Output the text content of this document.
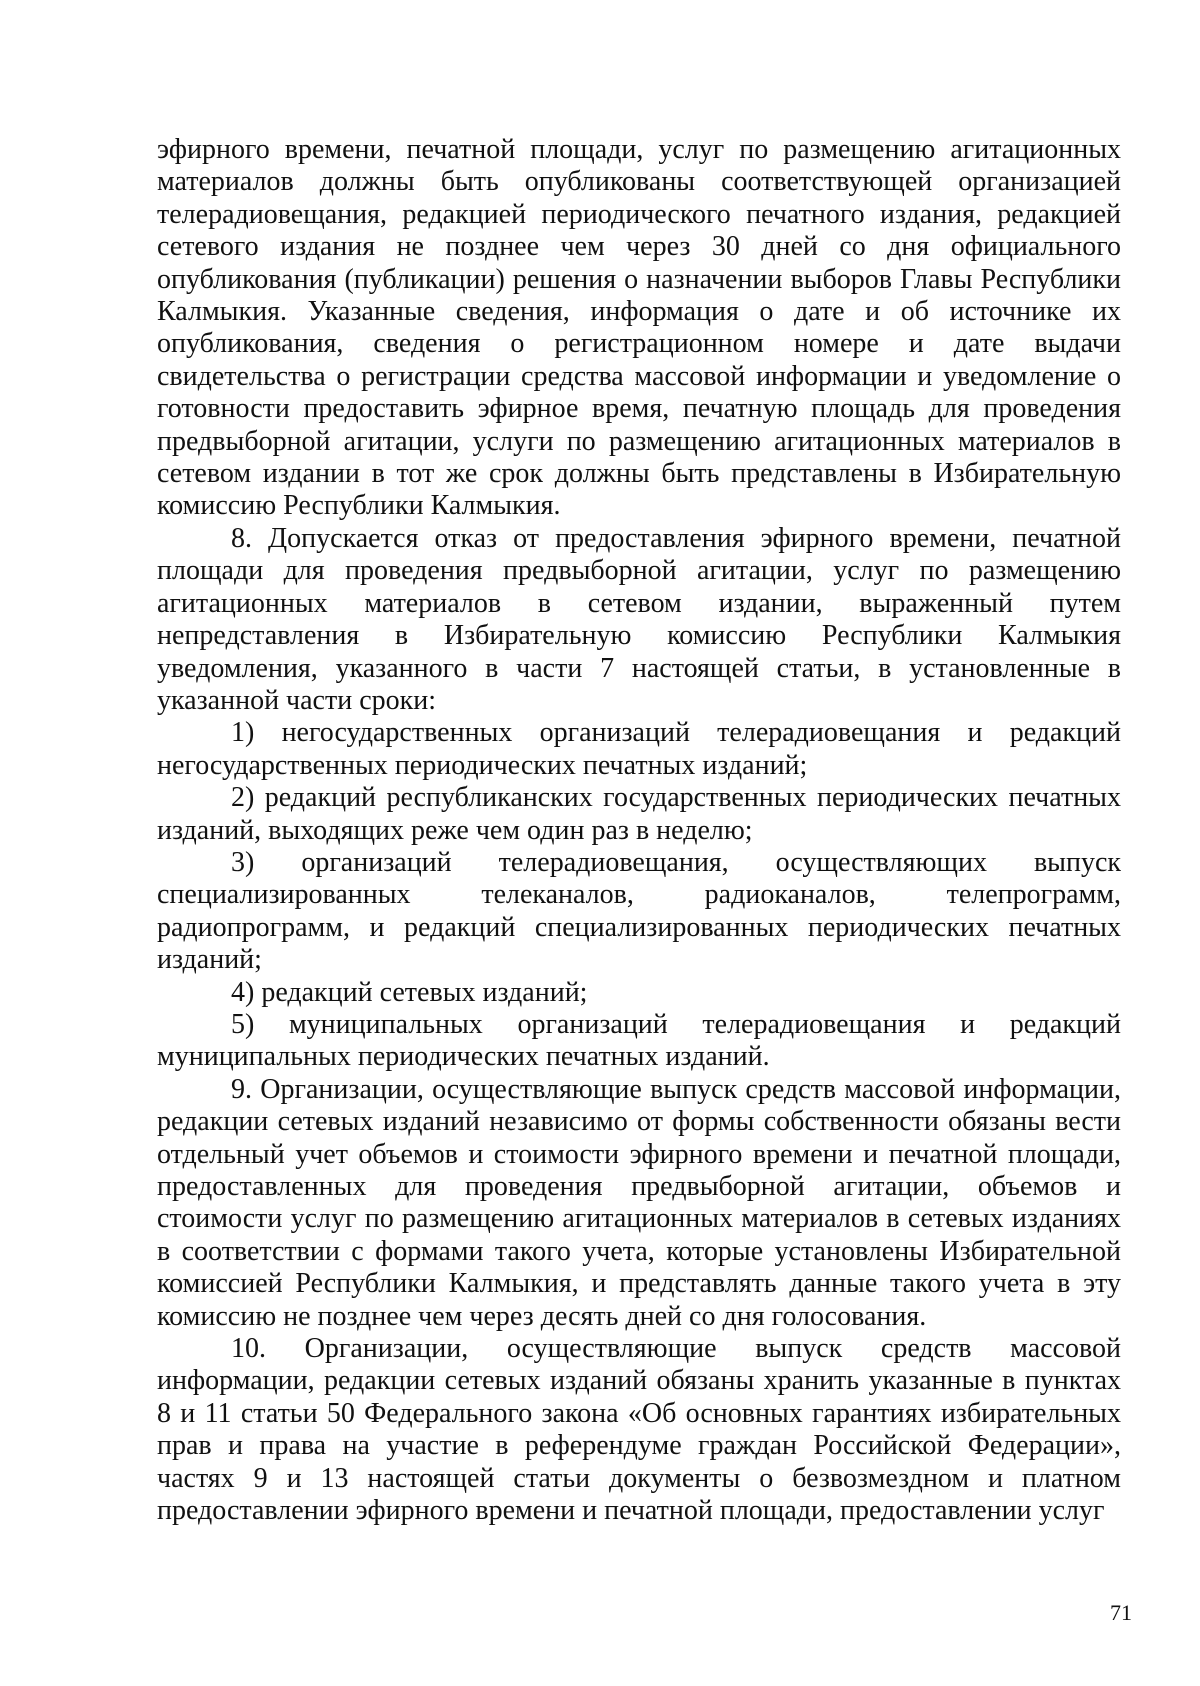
эфирного времени, печатной площади, услуг по размещению агитационных материалов должны быть опубликованы соответствующей организацией телерадиовещания, редакцией периодического печатного издания, редакцией сетевого издания не позднее чем через 30 дней со дня официального опубликования (публикации) решения о назначении выборов Главы Республики Калмыкия. Указанные сведения, информация о дате и об источнике их опубликования, сведения о регистрационном номере и дате выдачи свидетельства о регистрации средства массовой информации и уведомление о готовности предоставить эфирное время, печатную площадь для проведения предвыборной агитации, услуги по размещению агитационных материалов в сетевом издании в тот же срок должны быть представлены в Избирательную комиссию Республики Калмыкия.

8. Допускается отказ от предоставления эфирного времени, печатной площади для проведения предвыборной агитации, услуг по размещению агитационных материалов в сетевом издании, выраженный путем непредставления в Избирательную комиссию Республики Калмыкия уведомления, указанного в части 7 настоящей статьи, в установленные в указанной части сроки:

1) негосударственных организаций телерадиовещания и редакций негосударственных периодических печатных изданий;

2) редакций республиканских государственных периодических печатных изданий, выходящих реже чем один раз в неделю;

3) организаций телерадиовещания, осуществляющих выпуск специализированных телеканалов, радиоканалов, телепрограмм, радиопрограмм, и редакций специализированных периодических печатных изданий;

4) редакций сетевых изданий;

5) муниципальных организаций телерадиовещания и редакций муниципальных периодических печатных изданий.

9. Организации, осуществляющие выпуск средств массовой информации, редакции сетевых изданий независимо от формы собственности обязаны вести отдельный учет объемов и стоимости эфирного времени и печатной площади, предоставленных для проведения предвыборной агитации, объемов и стоимости услуг по размещению агитационных материалов в сетевых изданиях в соответствии с формами такого учета, которые установлены Избирательной комиссией Республики Калмыкия, и представлять данные такого учета в эту комиссию не позднее чем через десять дней со дня голосования.

10. Организации, осуществляющие выпуск средств массовой информации, редакции сетевых изданий обязаны хранить указанные в пунктах 8 и 11 статьи 50 Федерального закона «Об основных гарантиях избирательных прав и права на участие в референдуме граждан Российской Федерации», частях 9 и 13 настоящей статьи документы о безвозмездном и платном предоставлении эфирного времени и печатной площади, предоставлении услуг

71
